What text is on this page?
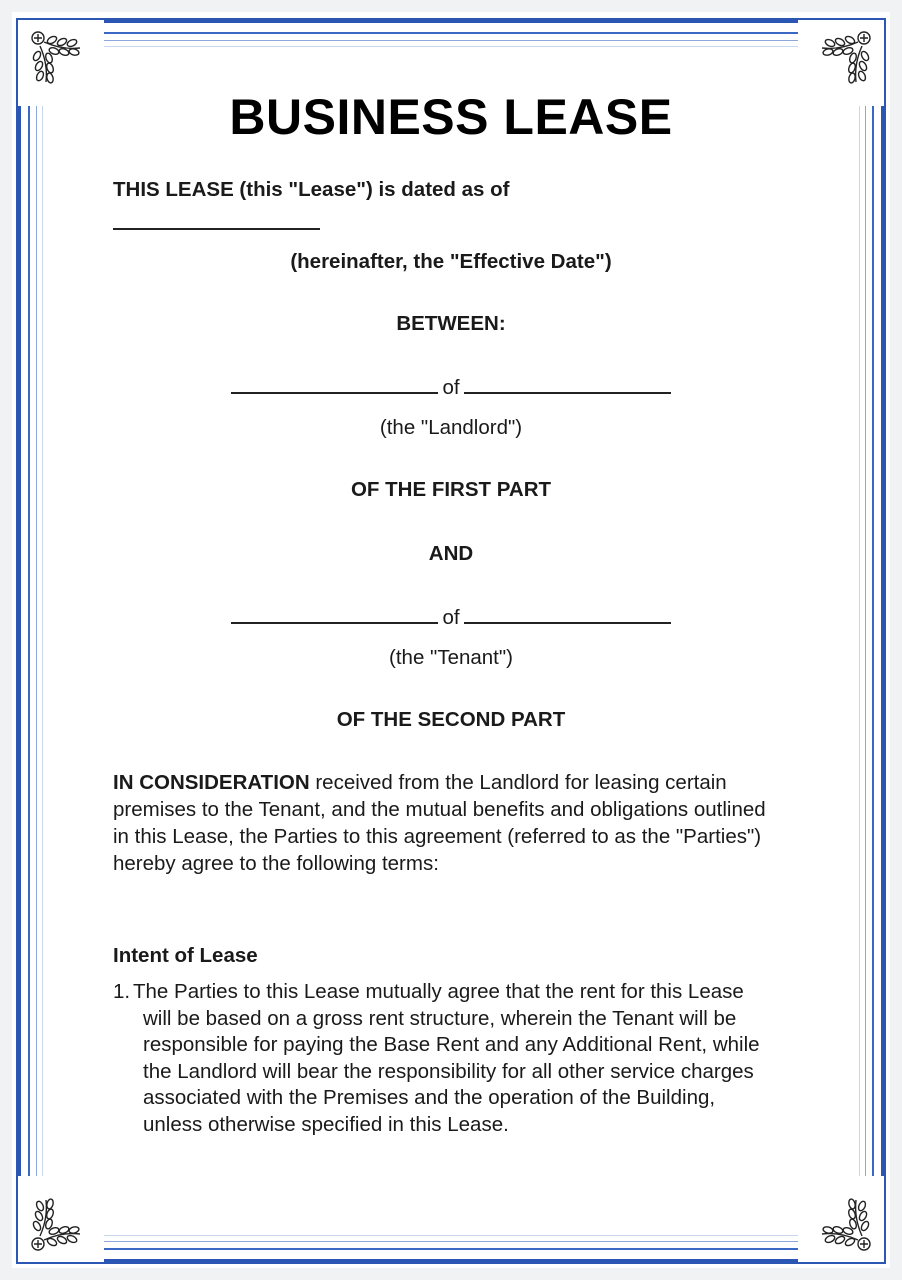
BUSINESS LEASE
THIS LEASE (this "Lease") is dated as of
(hereinafter, the "Effective Date")
BETWEEN:
of
(the "Landlord")
OF THE FIRST PART
AND
of
(the "Tenant")
OF THE SECOND PART
IN CONSIDERATION received from the Landlord for leasing certain premises to the Tenant, and the mutual benefits and obligations outlined in this Lease, the Parties to this agreement (referred to as the "Parties") hereby agree to the following terms:
Intent of Lease
1. The Parties to this Lease mutually agree that the rent for this Lease will be based on a gross rent structure, wherein the Tenant will be responsible for paying the Base Rent and any Additional Rent, while the Landlord will bear the responsibility for all other service charges associated with the Premises and the operation of the Building, unless otherwise specified in this Lease.
